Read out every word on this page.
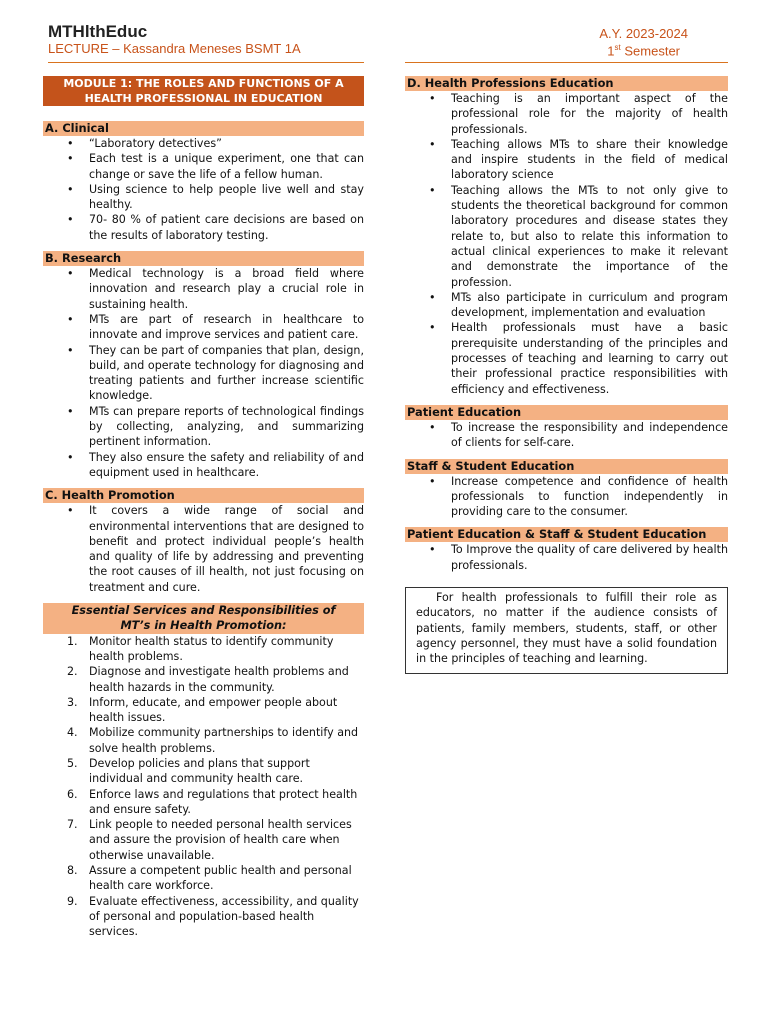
MTHlthEduc
LECTURE – Kassandra Meneses BSMT 1A
A.Y. 2023-2024
1st Semester
MODULE 1: THE ROLES AND FUNCTIONS OF A HEALTH PROFESSIONAL IN EDUCATION
A. Clinical
• “Laboratory detectives”
• Each test is a unique experiment, one that can change or save the life of a fellow human.
• Using science to help people live well and stay healthy.
• 70- 80 % of patient care decisions are based on the results of laboratory testing.
B. Research
• Medical technology is a broad field where innovation and research play a crucial role in sustaining health.
• MTs are part of research in healthcare to innovate and improve services and patient care.
• They can be part of companies that plan, design, build, and operate technology for diagnosing and treating patients and further increase scientific knowledge.
• MTs can prepare reports of technological findings by collecting, analyzing, and summarizing pertinent information.
• They also ensure the safety and reliability of and equipment used in healthcare.
C. Health Promotion
• It covers a wide range of social and environmental interventions that are designed to benefit and protect individual people’s health and quality of life by addressing and preventing the root causes of ill health, not just focusing on treatment and cure.
Essential Services and Responsibilities of
MT’s in Health Promotion:
1. Monitor health status to identify community health problems.
2. Diagnose and investigate health problems and health hazards in the community.
3. Inform, educate, and empower people about health issues.
4. Mobilize community partnerships to identify and solve health problems.
5. Develop policies and plans that support individual and community health care.
6. Enforce laws and regulations that protect health and ensure safety.
7. Link people to needed personal health services and assure the provision of health care when otherwise unavailable.
8. Assure a competent public health and personal health care workforce.
9. Evaluate effectiveness, accessibility, and quality of personal and population-based health services.
D. Health Professions Education
• Teaching is an important aspect of the professional role for the majority of health professionals.
• Teaching allows MTs to share their knowledge and inspire students in the field of medical laboratory science
• Teaching allows the MTs to not only give to students the theoretical background for common laboratory procedures and disease states they relate to, but also to relate this information to actual clinical experiences to make it relevant and demonstrate the importance of the profession.
• MTs also participate in curriculum and program development, implementation and evaluation
• Health professionals must have a basic prerequisite understanding of the principles and processes of teaching and learning to carry out their professional practice responsibilities with efficiency and effectiveness.
Patient Education
• To increase the responsibility and independence of clients for self-care.
Staff & Student Education
• Increase competence and confidence of health professionals to function independently in providing care to the consumer.
Patient Education & Staff & Student Education
• To Improve the quality of care delivered by health professionals.
For health professionals to fulfill their role as educators, no matter if the audience consists of patients, family members, students, staff, or other agency personnel, they must have a solid foundation in the principles of teaching and learning.
